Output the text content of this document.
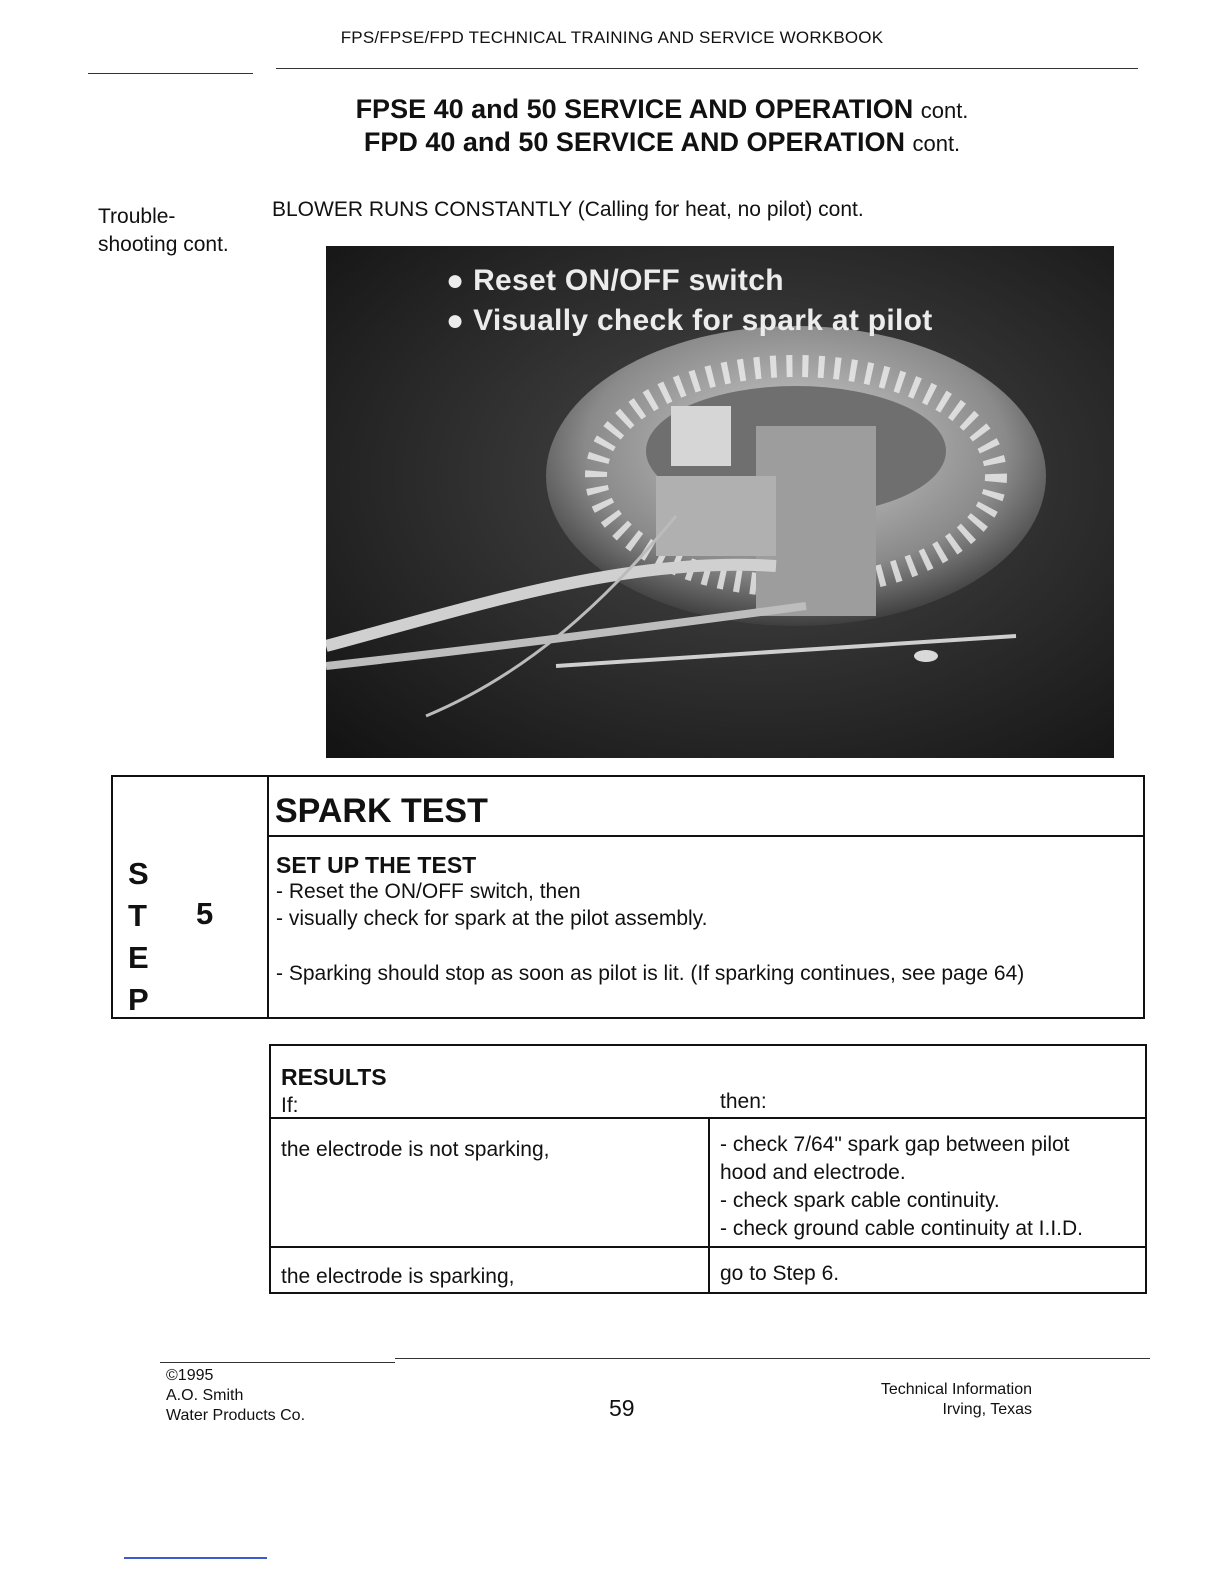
FPS/FPSE/FPD TECHNICAL TRAINING AND SERVICE WORKBOOK
FPSE 40 and 50 SERVICE AND OPERATION cont.
FPD 40 and 50 SERVICE AND OPERATION cont.
Trouble-
shooting cont.
BLOWER RUNS CONSTANTLY (Calling for heat, no pilot) cont.
● Reset ON/OFF switch
● Visually check for spark at pilot
SPARK TEST
S
T
E
P
5
SET UP THE TEST
- Reset the ON/OFF switch, then
- visually check for spark at the pilot assembly.
- Sparking should stop as soon as pilot is lit. (If sparking continues, see page 64)
RESULTS
If:	then:
the electrode is not sparking,	- check 7/64" spark gap between pilot
hood and electrode.
- check spark cable continuity.
- check ground cable continuity at I.I.D.
the electrode is sparking,	go to Step 6.
©1995
A.O. Smith
Water Products Co.	59
Technical Information
Irving, Texas
